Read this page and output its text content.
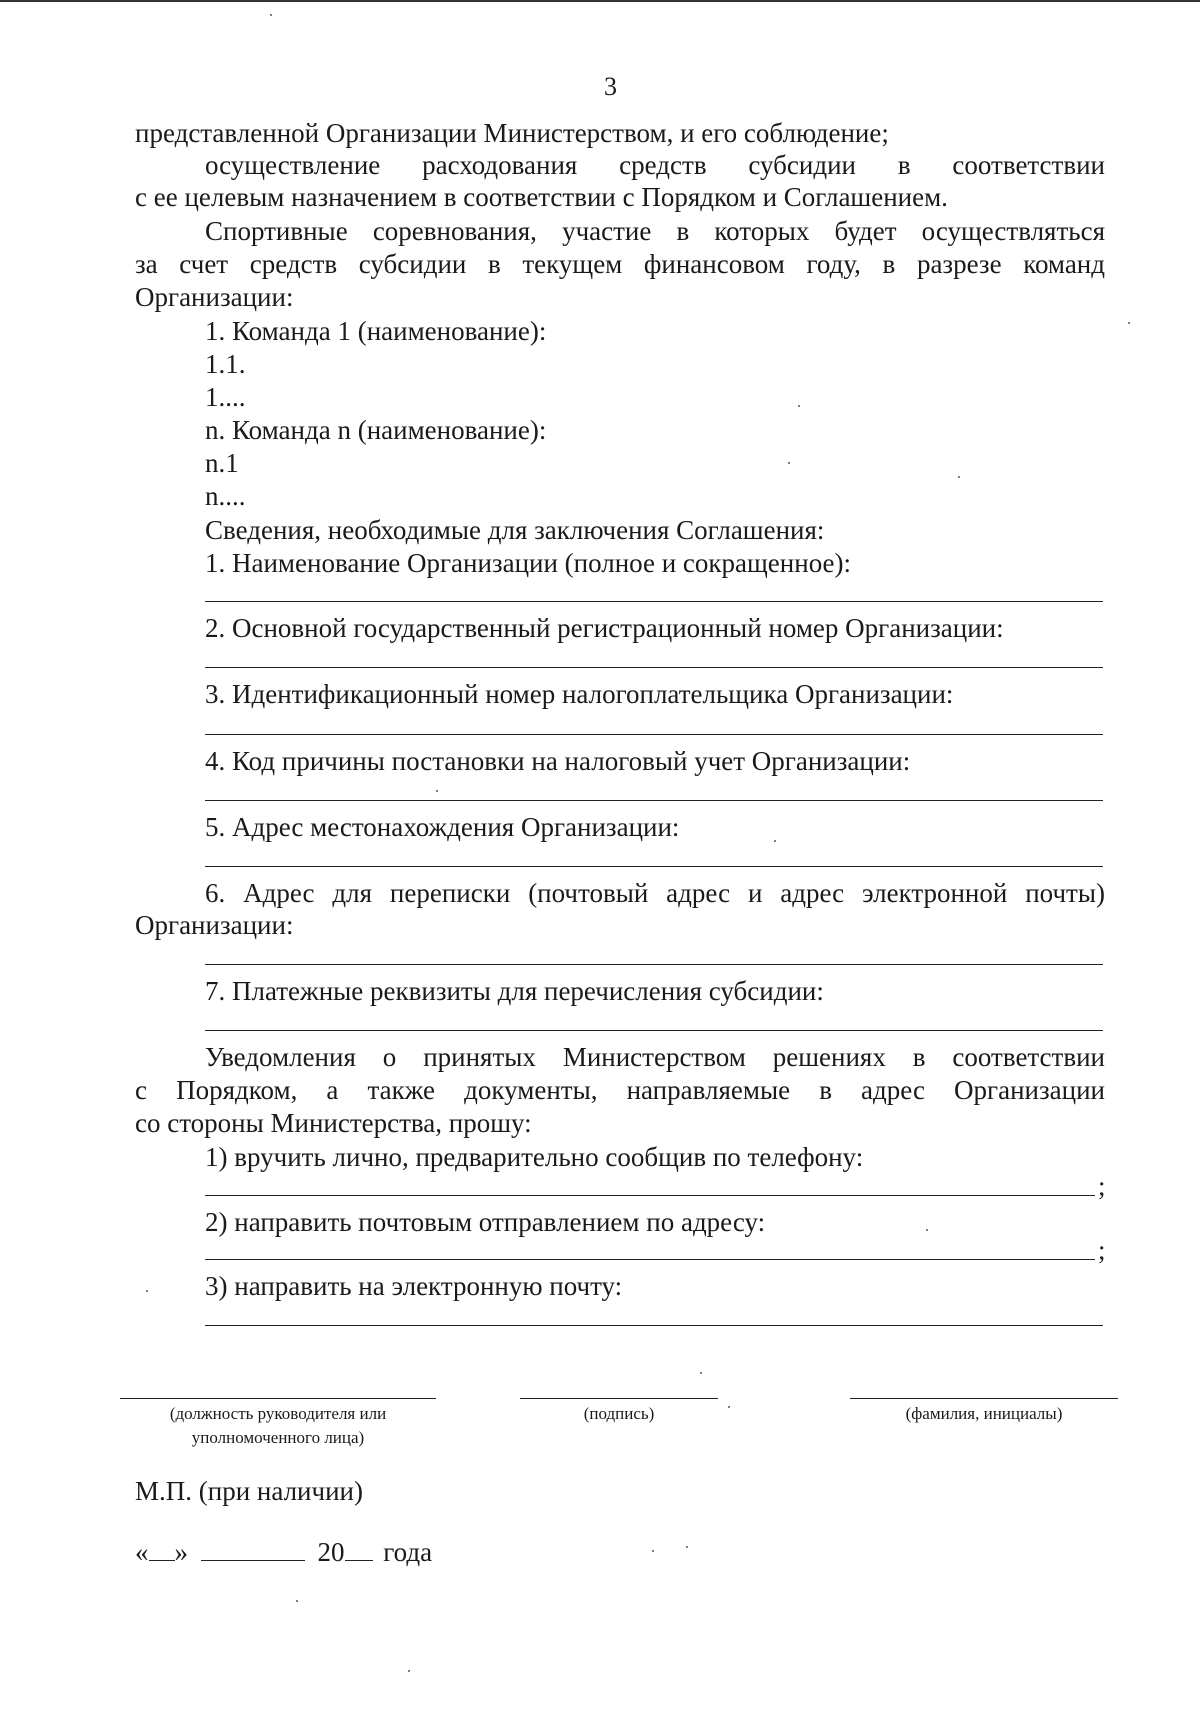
3
представленной Организации Министерством, и его соблюдение;
осуществление расходования средств субсидии в соответствии
с ее целевым назначением в соответствии с Порядком и Соглашением.
Спортивные соревнования, участие в которых будет осуществляться
за счет средств субсидии в текущем финансовом году, в разрезе команд
Организации:
1. Команда 1 (наименование):
1.1.
1....
n. Команда n (наименование):
n.1
n....
Сведения, необходимые для заключения Соглашения:
1. Наименование Организации (полное и сокращенное):
2. Основной государственный регистрационный номер Организации:
3. Идентификационный номер налогоплательщика Организации:
4. Код причины постановки на налоговый учет Организации:
5. Адрес местонахождения Организации:
6. Адрес для переписки (почтовый адрес и адрес электронной почты)
Организации:
7. Платежные реквизиты для перечисления субсидии:
Уведомления о принятых Министерством решениях в соответствии
с Порядком, а также документы, направляемые в адрес Организации
со стороны Министерства, прошу:
1) вручить лично, предварительно сообщив по телефону:
;
2) направить почтовым отправлением по адресу:
;
3) направить на электронную почту:
(должность руководителя или
уполномоченного лица)
(подпись)	(фамилия, инициалы)
М.П. (при наличии)
« »	20 года
